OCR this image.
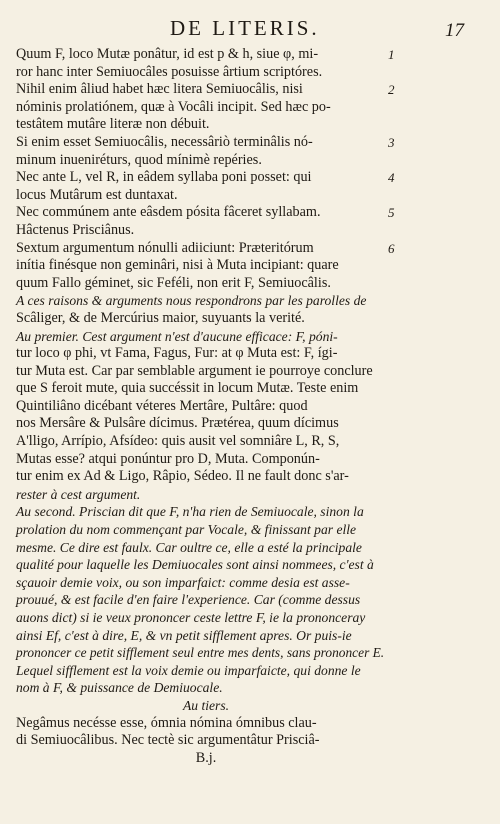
DE LITERIS.	17
Quum F, loco Mutæ ponâtur, id est p & h, siue φ, mi-	1
ror hanc inter Semiuocâles posuisse ârtium scriptóres.
Nihil enim âliud habet hæc litera Semiuocâlis, nisi	2
nóminis prolatiónem, quæ à Vocâli incipit. Sed hæc po-
testâtem mutâre literæ non débuit.
Si enim esset Semiuocâlis, necessâriò terminâlis nó-	3
minum inueniréturs, quod mínimè repéries.
Nec ante L, vel R, in eâdem syllaba poni posset: qui	4
locus Mutârum est duntaxat.
Nec commúnem ante eâsdem pósita fâceret syllabam.	5
Hâctenus Prisciânus.
Sextum argumentum nónulli adiiciunt: Præteritórum	6
inítia finésque non geminâri, nisi à Muta incipiant: quare
quum Fallo géminet, sic Feféli, non erit F, Semiuocâlis.
A ces raisons & arguments nous respondrons par les parolles de
Scâliger, & de Mercúrius maior, suyuants la verité.
Au premier. Cest argument n'est d'aucune efficace: F, póni-
tur loco φ phi, vt Fama, Fagus, Fur: at φ Muta est: F, ígi-
tur Muta est. Car par semblable argument ie pourroye conclure
que S feroit mute, quia succéssit in locum Mutæ. Teste enim
Quintiliâno dicébant véteres Mertâre, Pultâre: quod
nos Mersâre & Pulsâre dícimus. Prætérea, quum dícimus
A'lligo, Arrípio, Afsídeo: quis ausit vel somniâre L, R, S,
Mutas esse? atqui ponúntur pro D, Muta. Componún-
tur enim ex Ad & Ligo, Râpio, Sédeo. Il ne fault donc s'ar-
rester à cest argument.
Au second. Priscian dit que F, n'ha rien de Semiuocale, sinon la
prolation du nom commençant par Vocale, & finissant par elle
mesme. Ce dire est faulx. Car oultre ce, elle a esté la principale
qualité pour laquelle les Demiuocales sont ainsi nommees, c'est à
sçauoir demie voix, ou son imparfaict: comme desia est asse-
prouué, & est facile d'en faire l'experience. Car (comme dessus
auons dict) si ie veux prononcer ceste lettre F, ie la prononceray
ainsi Ef, c'est à dire, E, & vn petit sifflement apres. Or puis-ie
prononcer ce petit sifflement seul entre mes dents, sans prononcer E.
Lequel sifflement est la voix demie ou imparfaicte, qui donne le
nom à F, & puissance de Demiuocale.
Au tiers.
Negâmus necésse esse, ómnia nómina ómnibus clau-
di Semiuocâlibus. Nec tectè sic argumentâtur Prisciâ-
B.j.
